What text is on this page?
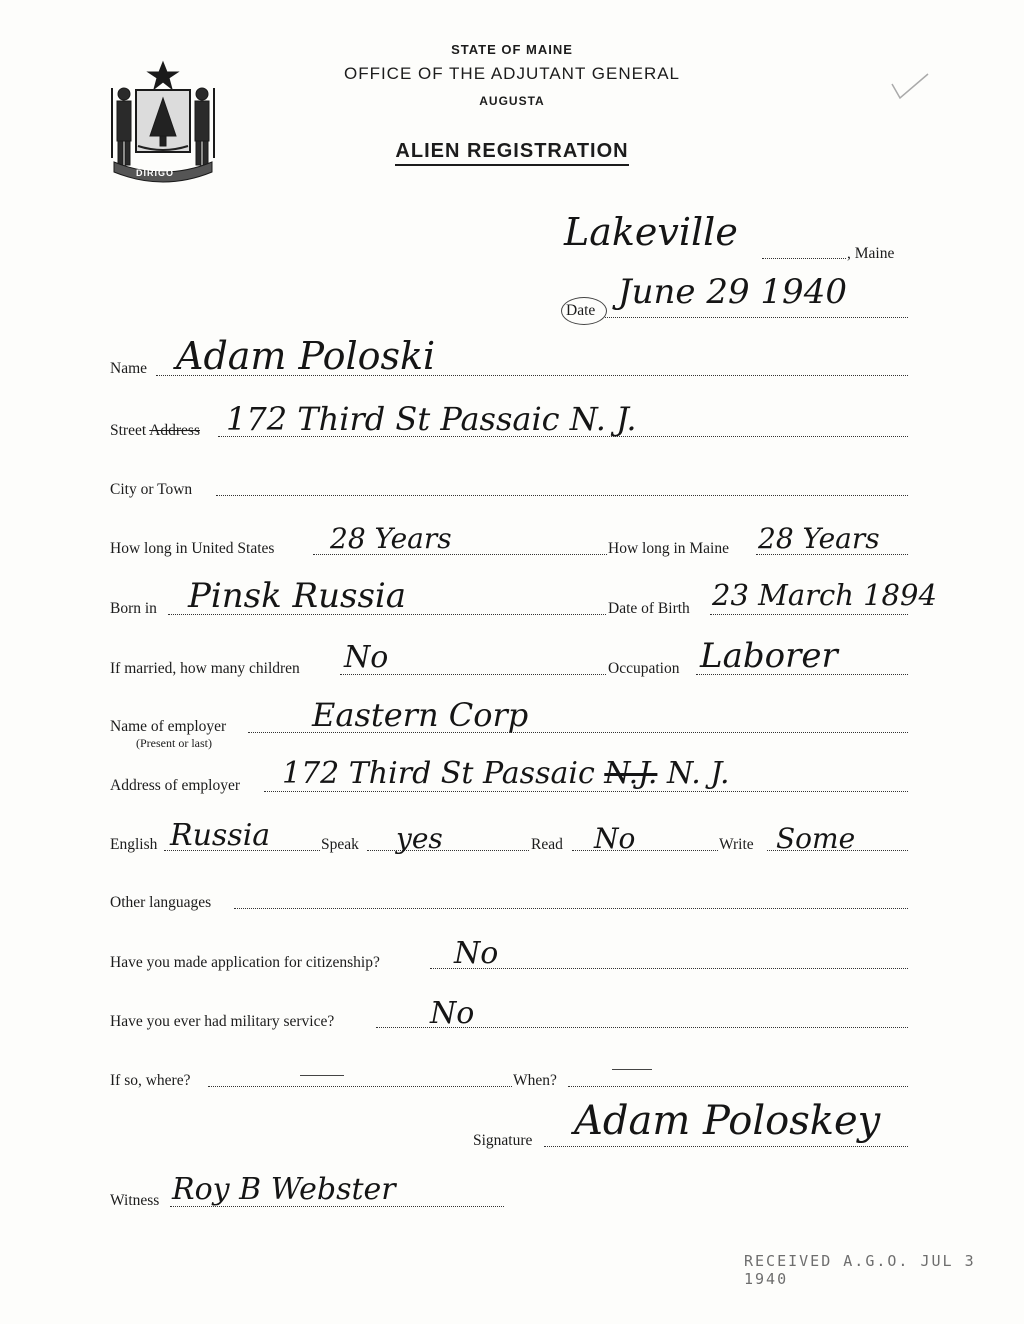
DIRIGO
STATE OF MAINE
OFFICE OF THE ADJUTANT GENERAL
AUGUSTA
ALIEN REGISTRATION
Lakeville	, Maine
Date June 29 1940
Name Adam Poloski
Street Address 172 Third St Passaic N. J.
City or Town
How long in United States 28 Years	How long in Maine 28 Years
Born in Pinsk Russia	Date of Birth 23 March 1894
If married, how many children No	Occupation Laborer
Name of employer
(Present or last)
Eastern Corp
Address of employer 172 Third St Passaic N.J. N. J.
English Russia	Speak yes	Read No	Write Some
Other languages
Have you made application for citizenship? No
Have you ever had military service?	No
If so, where?	When?
Signature Adam Poloskey
Witness Roy B Webster
RECEIVED A.G.O. JUL 3 1940
